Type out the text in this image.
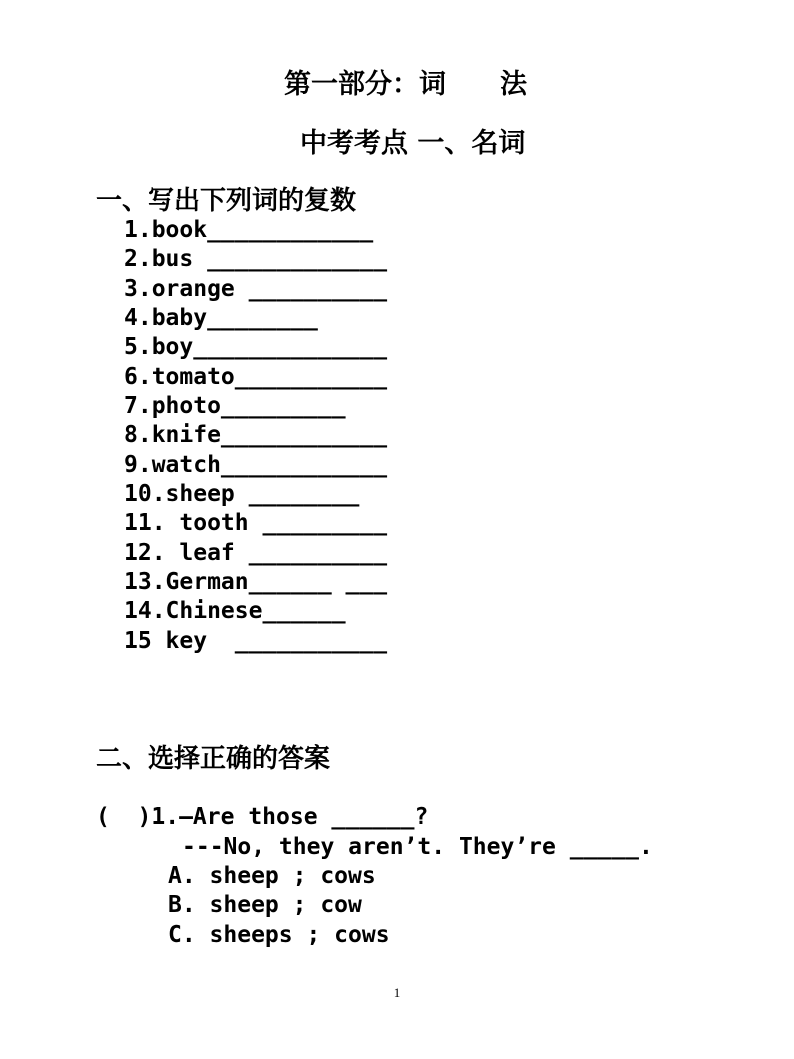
第一部分：词　　法
中考考点 一、名词
一、写出下列词的复数
1.book____________
2.bus _____________
3.orange __________
4.baby________
5.boy______________
6.tomato___________
7.photo_________
8.knife____________
9.watch____________
10.sheep ________
11. tooth _________
12. leaf __________
13.German______ ___
14.Chinese______
15 key  ___________
二、选择正确的答案
(  )1.—Are those ______?
---No, they aren’t. They’re _____.
A. sheep ; cows
B. sheep ; cow
C. sheeps ; cows
1
